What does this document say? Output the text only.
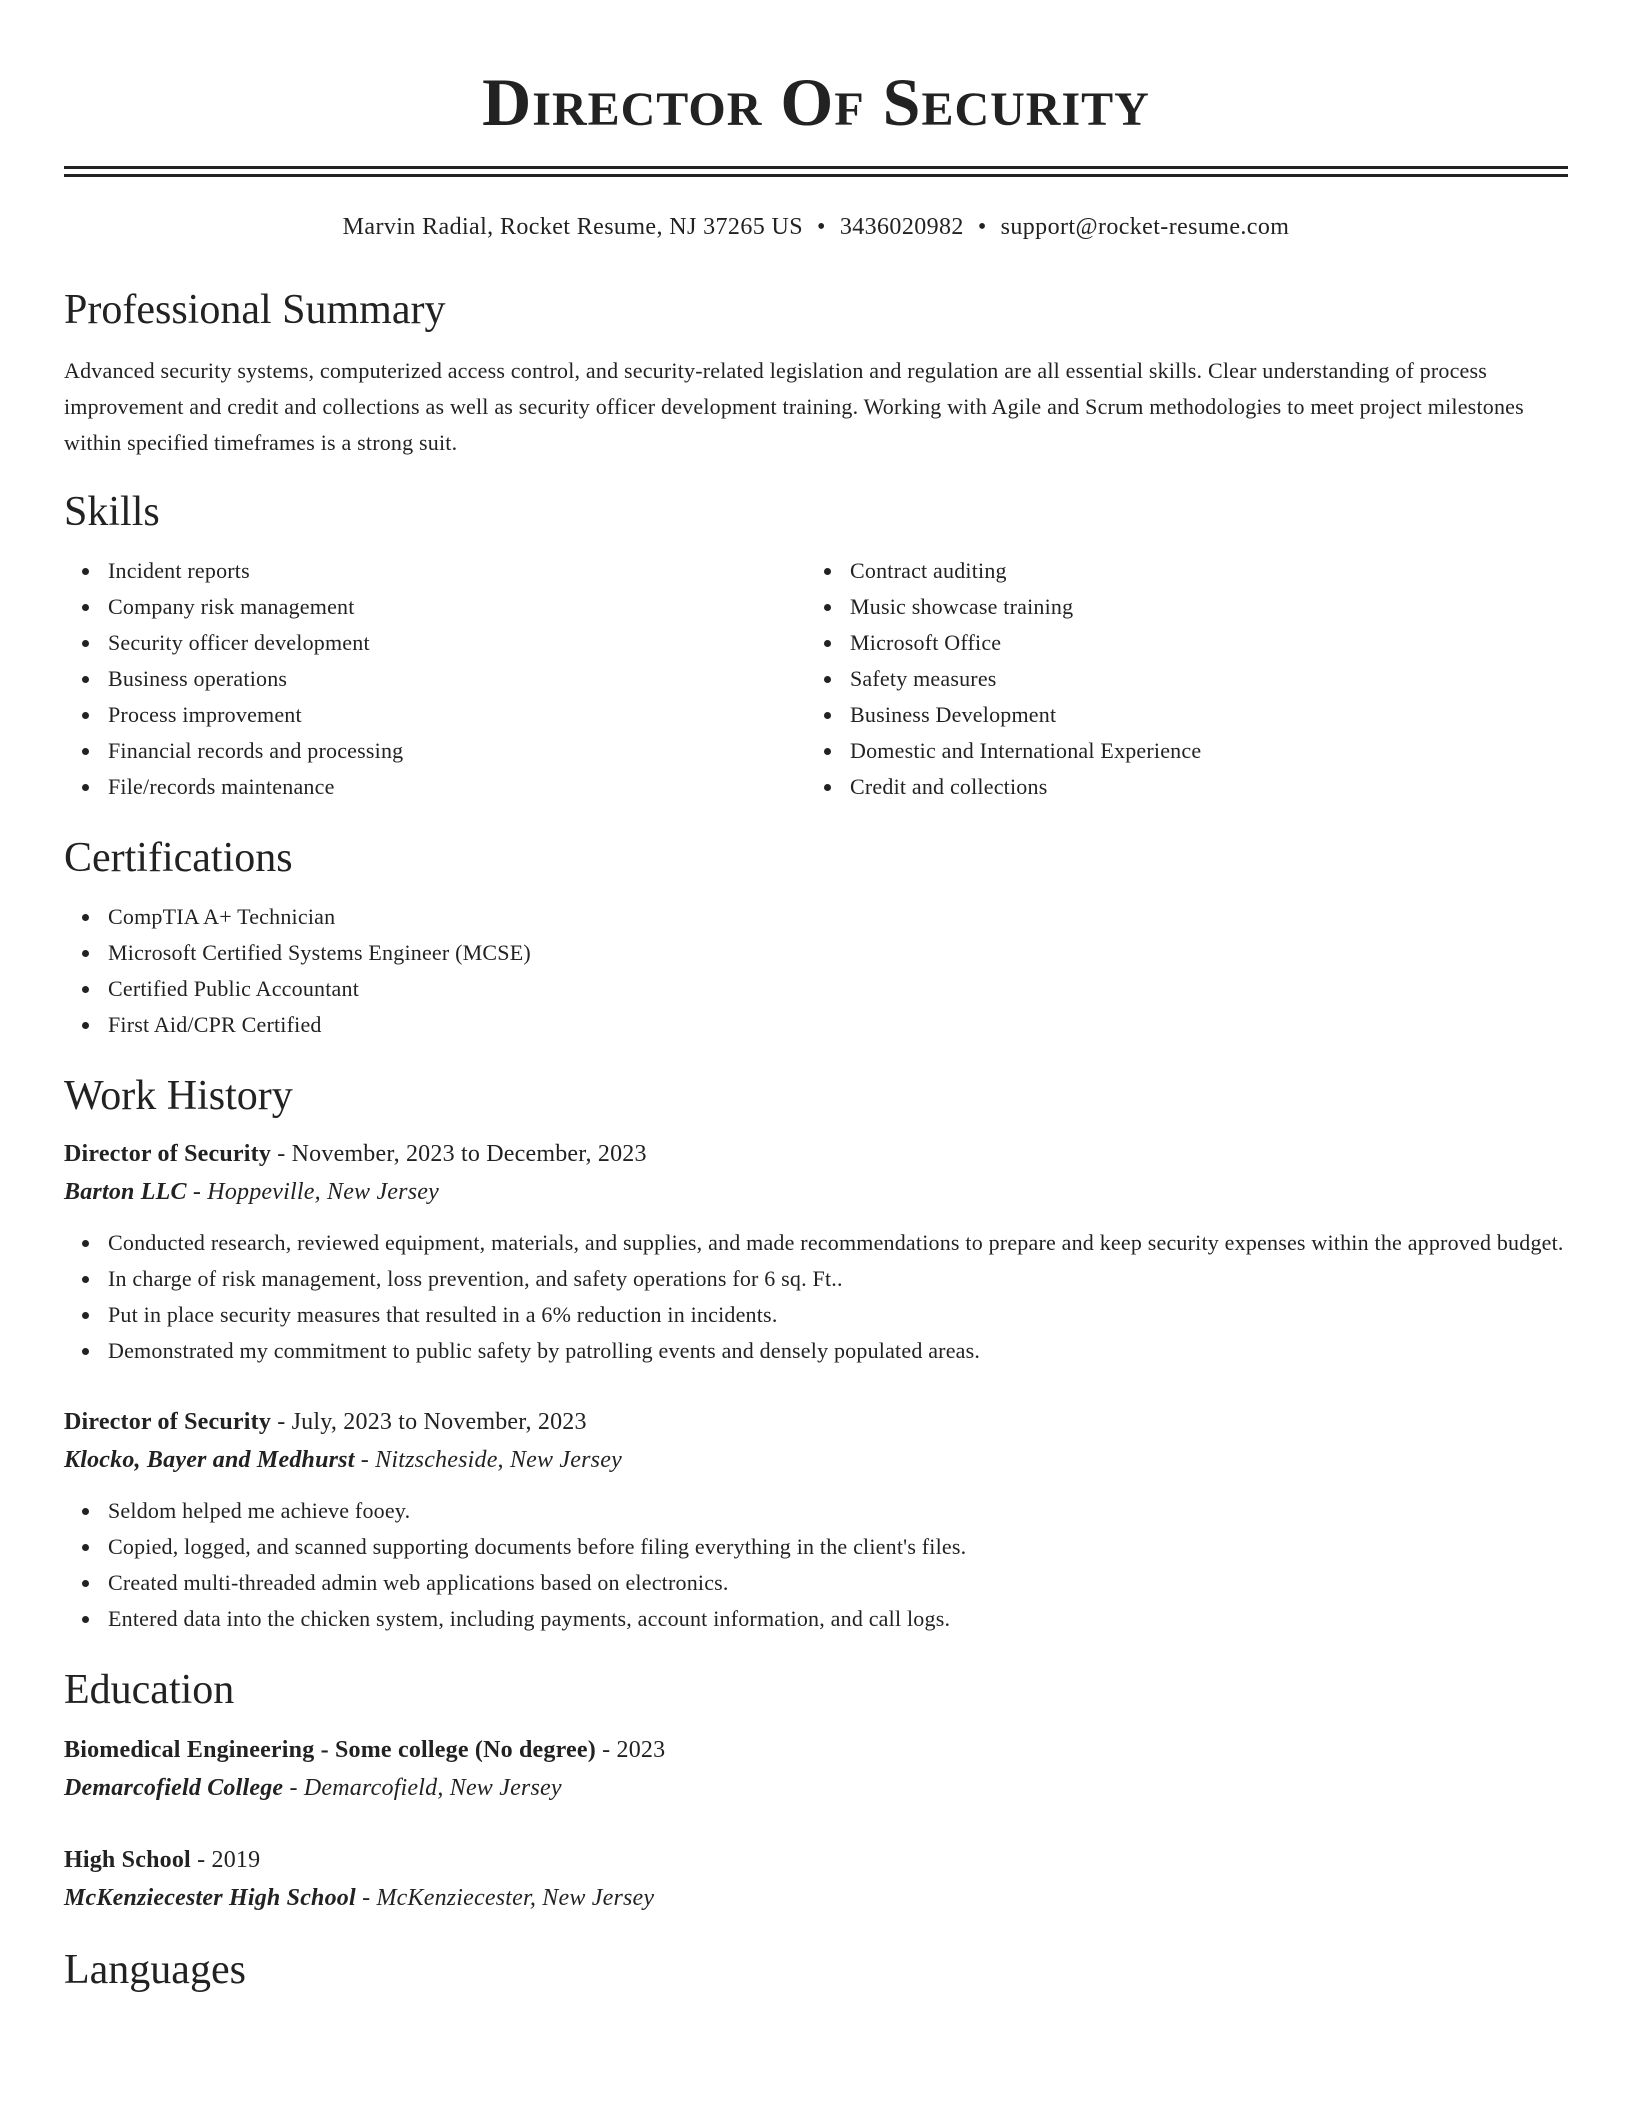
Director Of Security
Marvin Radial, Rocket Resume, NJ 37265 US • 3436020982 • support@rocket-resume.com
Professional Summary

Advanced security systems, computerized access control, and security-related legislation and regulation are all essential skills. Clear understanding of process improvement and credit and collections as well as security officer development training. Working with Agile and Scrum methodologies to meet project milestones within specified timeframes is a strong suit.

Skills
Incident reports
Company risk management
Security officer development
Business operations
Process improvement
Financial records and processing
File/records maintenance
Contract auditing
Music showcase training
Microsoft Office
Safety measures
Business Development
Domestic and International Experience
Credit and collections
Certifications
CompTIA A+ Technician
Microsoft Certified Systems Engineer (MCSE)
Certified Public Accountant
First Aid/CPR Certified
Work History
Director of Security - November, 2023 to December, 2023
Barton LLC - Hoppeville, New Jersey
Conducted research, reviewed equipment, materials, and supplies, and made recommendations to prepare and keep security expenses within the approved budget.
In charge of risk management, loss prevention, and safety operations for 6 sq. Ft..
Put in place security measures that resulted in a 6% reduction in incidents.
Demonstrated my commitment to public safety by patrolling events and densely populated areas.
Director of Security - July, 2023 to November, 2023
Klocko, Bayer and Medhurst - Nitzscheside, New Jersey
Seldom helped me achieve fooey.
Copied, logged, and scanned supporting documents before filing everything in the client's files.
Created multi-threaded admin web applications based on electronics.
Entered data into the chicken system, including payments, account information, and call logs.
Education
Biomedical Engineering - Some college (No degree) - 2023
Demarcofield College - Demarcofield, New Jersey
High School - 2019
McKenziecester High School - McKenziecester, New Jersey
Languages
